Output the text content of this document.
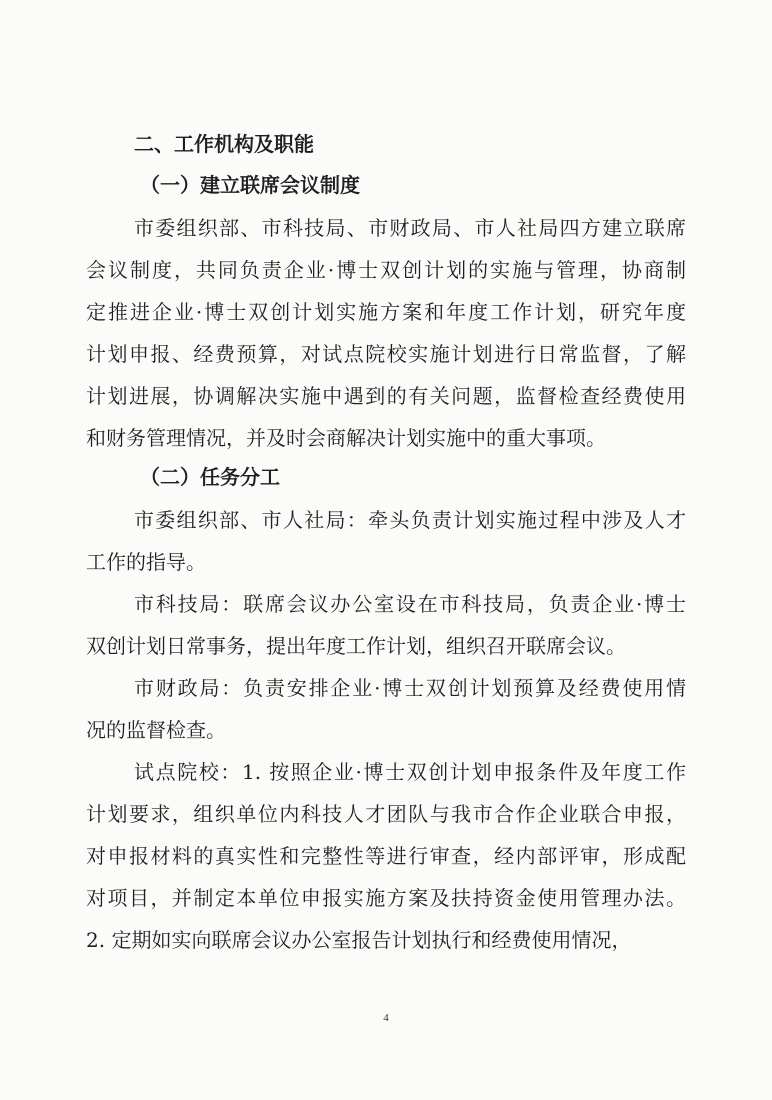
二、工作机构及职能
（一）建立联席会议制度

市委组织部、市科技局、市财政局、市人社局四方建立联席
会议制度，共同负责企业·博士双创计划的实施与管理，协商制
定推进企业·博士双创计划实施方案和年度工作计划，研究年度
计划申报、经费预算，对试点院校实施计划进行日常监督，了解
计划进展，协调解决实施中遇到的有关问题，监督检查经费使用
和财务管理情况，并及时会商解决计划实施中的重大事项。

（二）任务分工

市委组织部、市人社局：牵头负责计划实施过程中涉及人才
工作的指导。

市科技局：联席会议办公室设在市科技局，负责企业·博士
双创计划日常事务，提出年度工作计划，组织召开联席会议。

市财政局：负责安排企业·博士双创计划预算及经费使用情
况的监督检查。

试点院校：1. 按照企业·博士双创计划申报条件及年度工作
计划要求，组织单位内科技人才团队与我市合作企业联合申报，
对申报材料的真实性和完整性等进行审查，经内部评审，形成配
对项目，并制定本单位申报实施方案及扶持资金使用管理办法。
2. 定期如实向联席会议办公室报告计划执行和经费使用情况，

4
